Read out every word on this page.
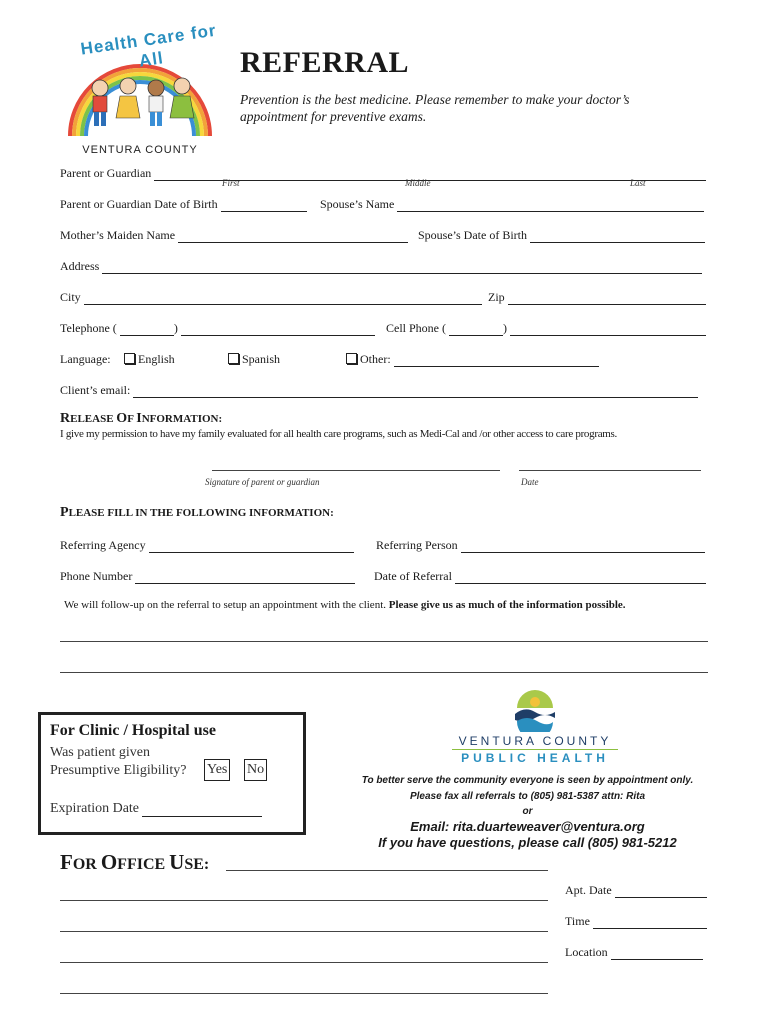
Health Care for All
VENTURA COUNTY
REFERRAL
Prevention is the best medicine. Please remember to make your doctor’s
appointment for preventive exams.
Parent or Guardian
First	Middle	Last
Parent or Guardian Date of Birth	Spouse’s Name
Mother’s Maiden Name	Spouse’s Date of Birth
Address
City	Zip
Telephone (	)	Cell Phone (	)
Language:	English	Spanish	Other:
Client’s email:
RELEASE OF INFORMATION:
I give my permission to have my family evaluated for all health care programs, such as Medi-Cal and /or other access to care programs.
Signature of parent or guardian	Date
PLEASE FILL IN THE FOLLOWING INFORMATION:
Referring Agency	Referring Person
Phone Number	Date of Referral
We will follow-up on the referral to setup an appointment with the client. Please give us as much of the information possible.
For Clinic / Hospital use
Was patient given
Presumptive Eligibility? Yes No
Expiration Date
VENTURA COUNTY
PUBLIC HEALTH
To better serve the community everyone is seen by appointment only.
Please fax all referrals to (805) 981-5387 attn: Rita
or
Email: rita.duarteweaver@ventura.org
If you have questions, please call (805) 981-5212
FOR OFFICE USE:
Apt. Date
Time
Location
